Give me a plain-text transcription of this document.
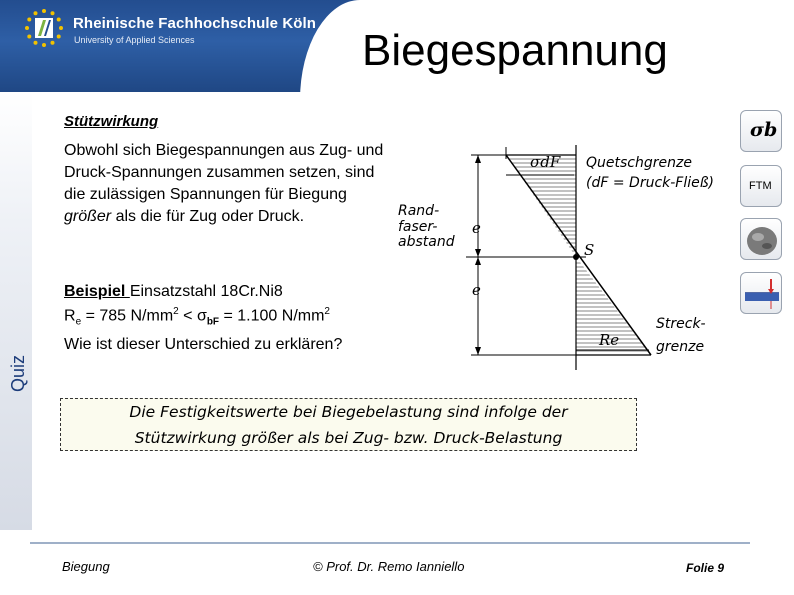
Rheinische Fachhochschule Köln
University of Applied Sciences	Biegespannung
Quiz
Stützwirkung
Obwohl sich Biegespannungen aus Zug- und Druck-Spannungen zusammen setzen, sind die zulässigen Spannungen für Biegung größer als die für Zug oder Druck.
Beispiel Einsatzstahl 18Cr.Ni8
$R_e = 785$ $N/mm^2 < \sigma_{bF} = 1.100$ $N/mm^2$
Wie ist dieser Unterschied zu erklären?
σdF Quetschgrenze
(dF = Druck-Fließ)
Rand-
faser-
abstand
e
e
S
Re
Streck-
grenze
σb
FTM
Die Festigkeitswerte bei Biegebelastung sind infolge der
Stützwirkung größer als bei Zug- bzw. Druck-Belastung
Biegung	© Prof. Dr. Remo Ianniello	Folie 9
